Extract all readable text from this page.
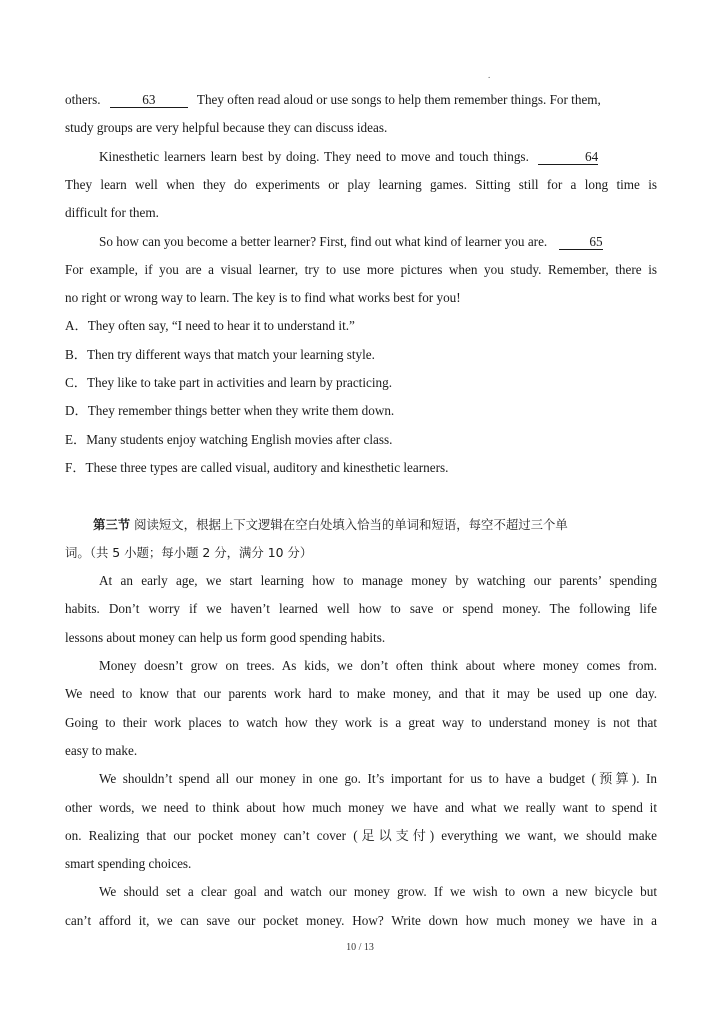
.
others.	63	They often read aloud or use songs to help them remember things. For them,
study groups are very helpful because they can discuss ideas.
Kinesthetic learners learn best by doing. They need to move and touch things.	64
They learn well when they do experiments or play learning games. Sitting still for a long time is
difficult for them.
So how can you become a better learner? First, find out what kind of learner you are.	65
For example, if you are a visual learner, try to use more pictures when you study. Remember, there is
no right or wrong way to learn. The key is to find what works best for you!
A．They often say, “I need to hear it to understand it.”
B．Then try different ways that match your learning style.
C．They like to take part in activities and learn by practicing.
D．They remember things better when they write them down.
E．Many students enjoy watching English movies after class.
F．These three types are called visual, auditory and kinesthetic learners.
第三节 阅读短文，根据上下文逻辑在空白处填入恰当的单词和短语，每空不超过三个单
词。（共 5 小题；每小题 2 分，满分 10 分）
At an early age, we start learning how to manage money by watching our parents’ spending
habits. Don’t worry if we haven’t learned well how to save or spend money. The following life
lessons about money can help us form good spending habits.
Money doesn’t grow on trees. As kids, we don’t often think about where money comes from.
We need to know that our parents work hard to make money, and that it may be used up one day.
Going to their work places to watch how they work is a great way to understand money is not that
easy to make.
We shouldn’t spend all our money in one go. It’s important for us to have a budget (预算). In
other words, we need to think about how much money we have and what we really want to spend it
on. Realizing that our pocket money can’t cover (足以支付) everything we want, we should make
smart spending choices.
We should set a clear goal and watch our money grow. If we wish to own a new bicycle but
can’t afford it, we can save our pocket money. How? Write down how much money we have in a
10 / 13
